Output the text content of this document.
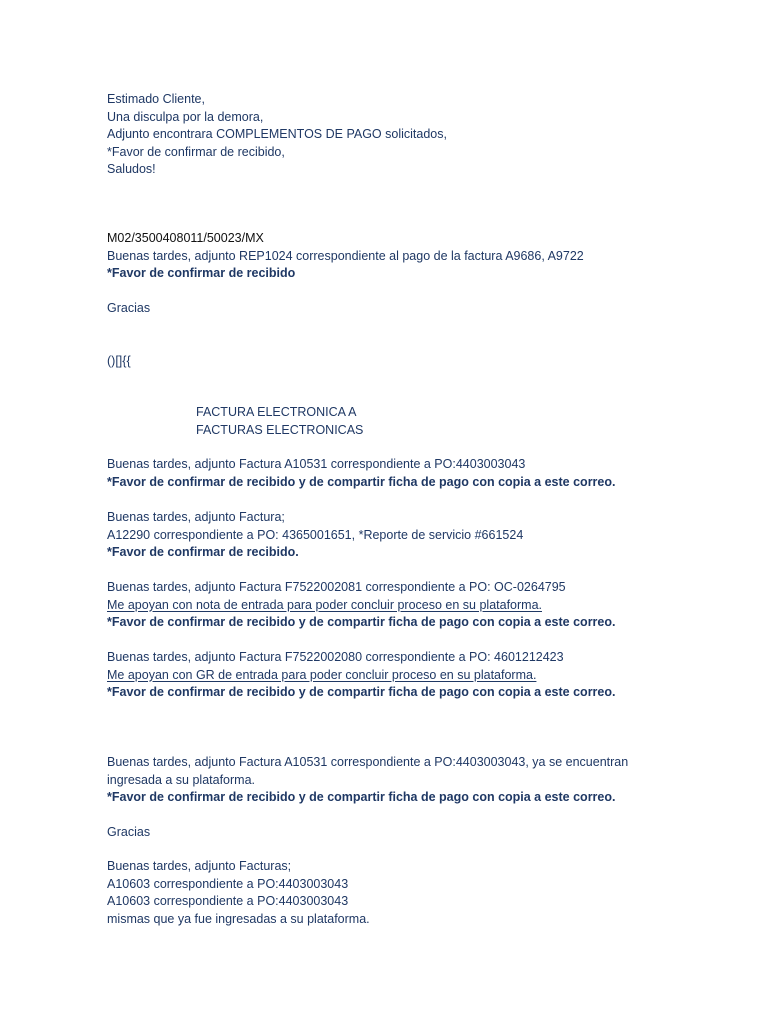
Estimado Cliente,
Una disculpa por la demora,
Adjunto encontrara COMPLEMENTOS DE PAGO solicitados,
*Favor de confirmar de recibido,
Saludos!
M02/3500408011/50023/MX
Buenas tardes, adjunto REP1024 correspondiente al pago de la factura A9686, A9722
*Favor de confirmar de recibido
Gracias
()[]{{
FACTURA ELECTRONICA A
FACTURAS ELECTRONICAS
Buenas tardes, adjunto Factura A10531 correspondiente a PO:4403003043
*Favor de confirmar de recibido y de compartir ficha de pago con copia a este correo.
Buenas tardes, adjunto Factura;
A12290 correspondiente a PO: 4365001651, *Reporte de servicio #661524
*Favor de confirmar de recibido.
Buenas tardes, adjunto Factura F7522002081 correspondiente a PO: OC-0264795
Me apoyan con nota de entrada para poder concluir proceso en su plataforma.
*Favor de confirmar de recibido y de compartir ficha de pago con copia a este correo.
Buenas tardes, adjunto Factura F7522002080 correspondiente a PO: 4601212423
Me apoyan con GR de entrada para poder concluir proceso en su plataforma.
*Favor de confirmar de recibido y de compartir ficha de pago con copia a este correo.
Buenas tardes, adjunto Factura A10531 correspondiente a PO:4403003043, ya se encuentran
ingresada a su plataforma.
*Favor de confirmar de recibido y de compartir ficha de pago con copia a este correo.
Gracias
Buenas tardes, adjunto Facturas;
A10603 correspondiente a PO:4403003043
A10603 correspondiente a PO:4403003043
mismas que ya fue ingresadas a su plataforma.
